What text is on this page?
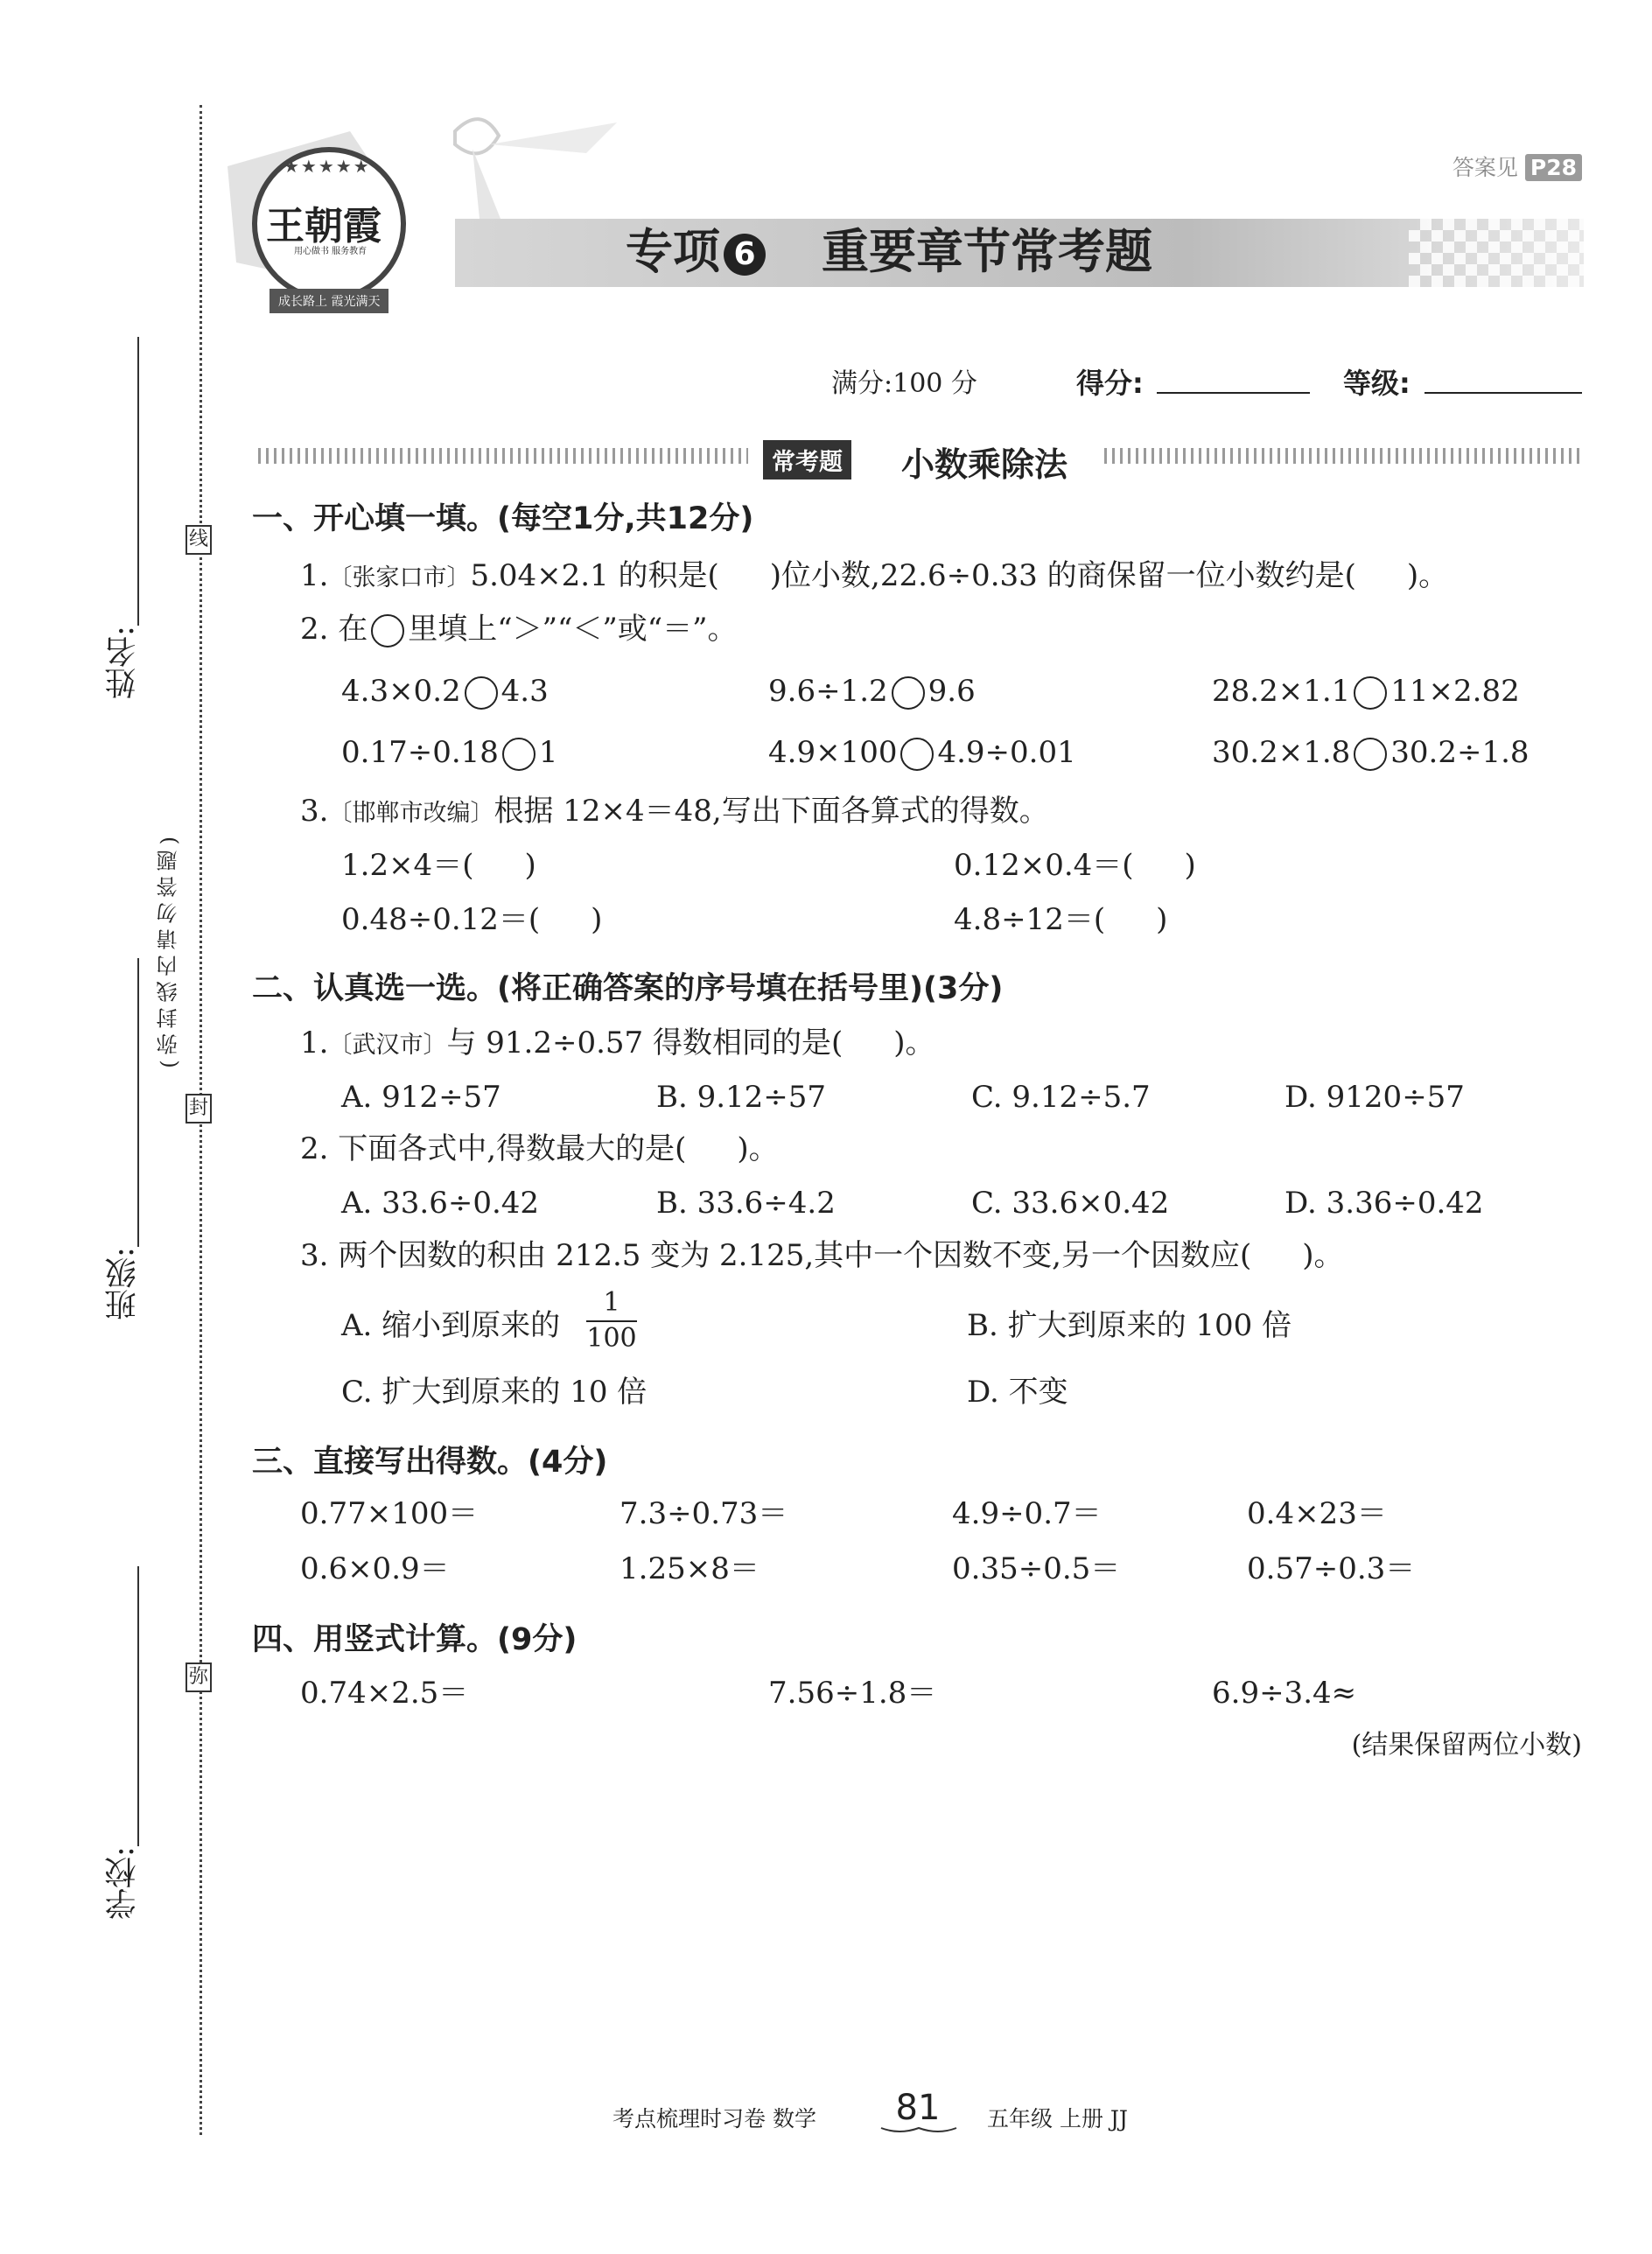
线
封
弥
姓名:
(弥封线内请勿答题)
班级:
学校:
答案见 P28
专项 6 重要章节常考题
★★★★★
王朝霞
用心做书 服务教育
成长路上 霞光满天
满分:100 分	得分:	等级:
常考题 小数乘除法
一、开心填一填。(每空1分,共12分)
1.〔张家口市〕5.04×2.1 的积是( )位小数,22.6÷0.33 的商保留一位小数约是( )。
2. 在 里填上“＞”“＜”或“＝”。
4.3×0.2 4.3	9.6÷1.2 9.6	28.2×1.1 11×2.82
0.17÷0.18 1	4.9×100 4.9÷0.01	30.2×1.8 30.2÷1.8
3.〔邯郸市改编〕根据 12×4＝48,写出下面各算式的得数。
1.2×4＝( )	0.12×0.4＝( )
0.48÷0.12＝( )	4.8÷12＝( )
二、认真选一选。(将正确答案的序号填在括号里)(3分)
1.〔武汉市〕与 91.2÷0.57 得数相同的是( )。
A. 912÷57	B. 9.12÷57	C. 9.12÷5.7	D. 9120÷57
2. 下面各式中,得数最大的是( )。
A. 33.6÷0.42	B. 33.6÷4.2	C. 33.6×0.42	D. 3.36÷0.42
3. 两个因数的积由 212.5 变为 2.125,其中一个因数不变,另一个因数应( )。
A. 缩小到原来的
1
100	B. 扩大到原来的 100 倍
C. 扩大到原来的 10 倍	D. 不变
三、直接写出得数。(4分)
0.77×100＝	7.3÷0.73＝	4.9÷0.7＝	0.4×23＝
0.6×0.9＝	1.25×8＝	0.35÷0.5＝	0.57÷0.3＝
四、用竖式计算。(9分)
0.74×2.5＝	7.56÷1.8＝	6.9÷3.4≈
(结果保留两位小数)
考点梳理时习卷 数学 81	五年级 上册 JJ
